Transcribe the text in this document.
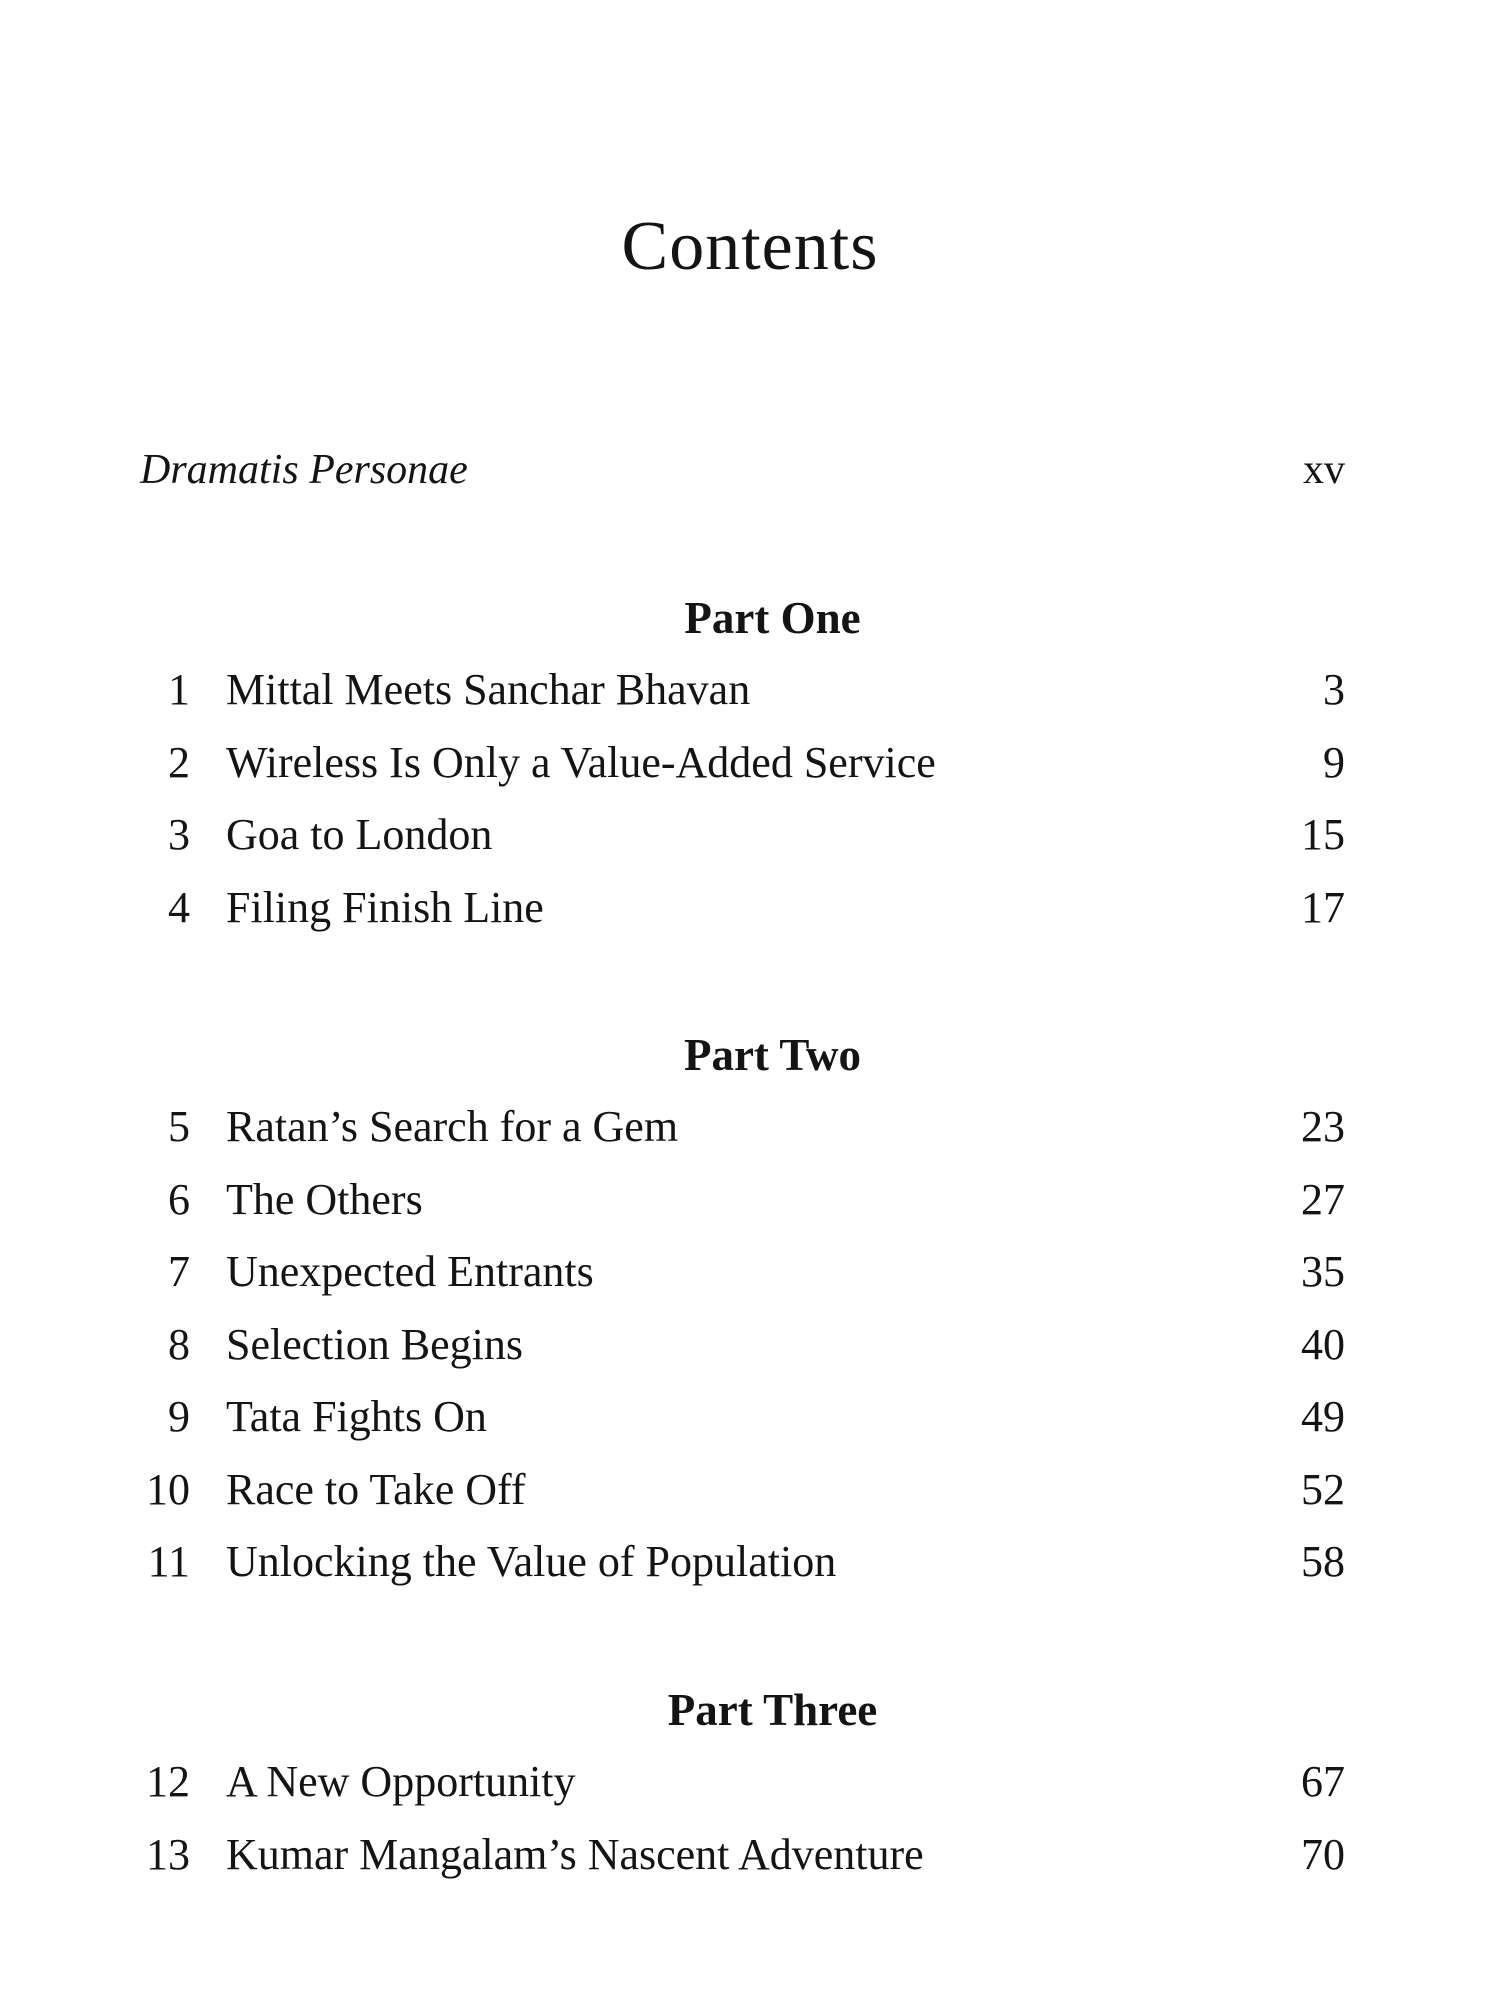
Contents
Dramatis Personae	xv
Part One
1 Mittal Meets Sanchar Bhavan	3
2 Wireless Is Only a Value-Added Service	9
3 Goa to London	15
4 Filing Finish Line	17
Part Two
5 Ratan’s Search for a Gem	23
6 The Others	27
7 Unexpected Entrants	35
8 Selection Begins	40
9 Tata Fights On	49
10 Race to Take Off	52
11 Unlocking the Value of Population	58
Part Three
12 A New Opportunity	67
13 Kumar Mangalam’s Nascent Adventure	70
